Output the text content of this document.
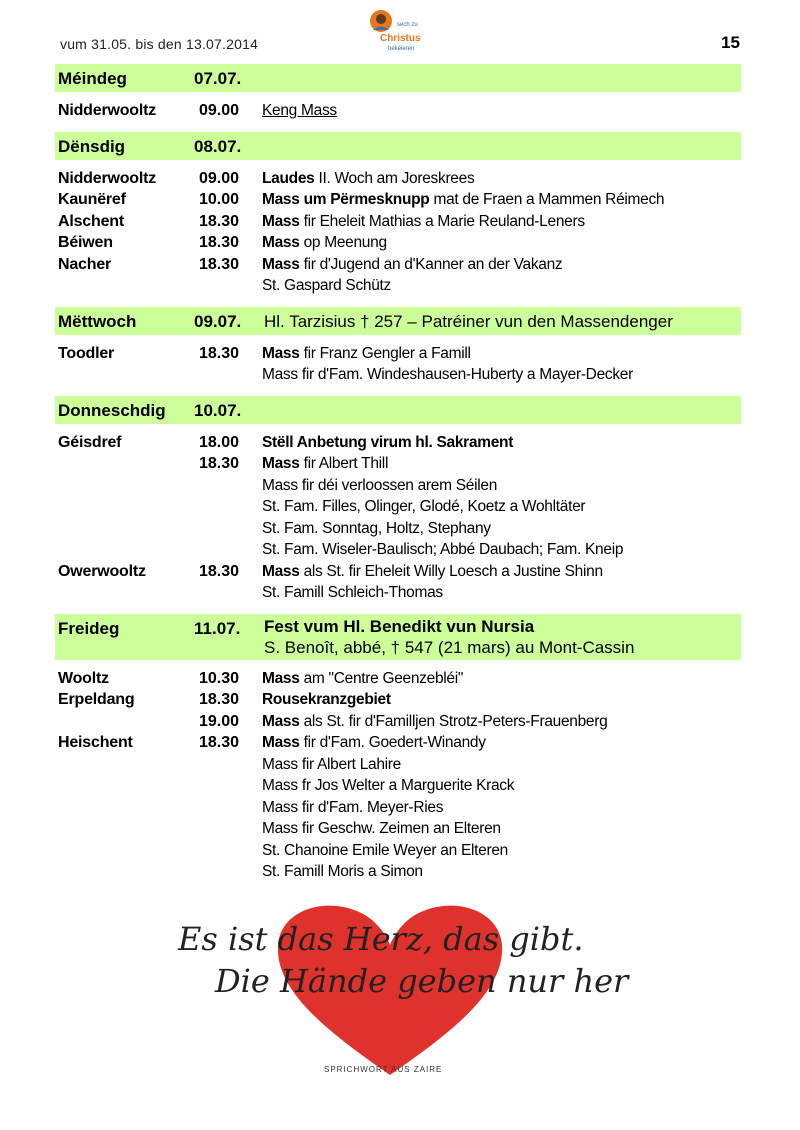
vum 31.05. bis den 13.07.2014
sech zu
Christus
bekéieren	15
Méindeg	07.07.
Nidderwooltz	09.00 Keng Mass
Dënsdig	08.07.
Nidderwooltz	09.00 Laudes II. Woch am Joreskrees
Kaunëref	10.00 Mass um Përmesknupp mat de Fraen a Mammen Réimech
Alschent	18.30 Mass fir Eheleit Mathias a Marie Reuland-Leners
Béiwen	18.30 Mass op Meenung
Nacher	18.30 Mass fir d'Jugend an d'Kanner an der Vakanz
St. Gaspard Schütz
Mëttwoch	09.07. Hl. Tarzisius † 257 – Patréiner vun den Massendenger
Toodler	18.30 Mass fir Franz Gengler a Famill
Mass fir d'Fam. Windeshausen-Huberty a Mayer-Decker
Donneschdig 10.07.
Géisdref	18.00 Stëll Anbetung virum hl. Sakrament
18.30 Mass fir Albert Thill
Mass fir déi verloossen arem Séilen
St. Fam. Filles, Olinger, Glodé, Koetz a Wohltäter
St. Fam. Sonntag, Holtz, Stephany
St. Fam. Wiseler-Baulisch; Abbé Daubach; Fam. Kneip
Owerwooltz	18.30 Mass als St. fir Eheleit Willy Loesch a Justine Shinn
St. Famill Schleich-Thomas
Freideg	11.07. Fest vum Hl. Benedikt vun Nursia
S. Benoît, abbé, † 547 (21 mars) au Mont-Cassin
Wooltz	10.30 Mass am "Centre Geenzebléi"
Erpeldang	18.30 Rousekranzgebiet
19.00 Mass als St. fir d'Familljen Strotz-Peters-Frauenberg
Heischent	18.30 Mass fir d'Fam. Goedert-Winandy
Mass fir Albert Lahire
Mass fr Jos Welter a Marguerite Krack
Mass fir d'Fam. Meyer-Ries
Mass fir Geschw. Zeimen an Elteren
St. Chanoine Emile Weyer an Elteren
St. Famill Moris a Simon
Es ist das Herz, das gibt.
Die Hände geben nur her
SPRICHWORT AUS ZAIRE
